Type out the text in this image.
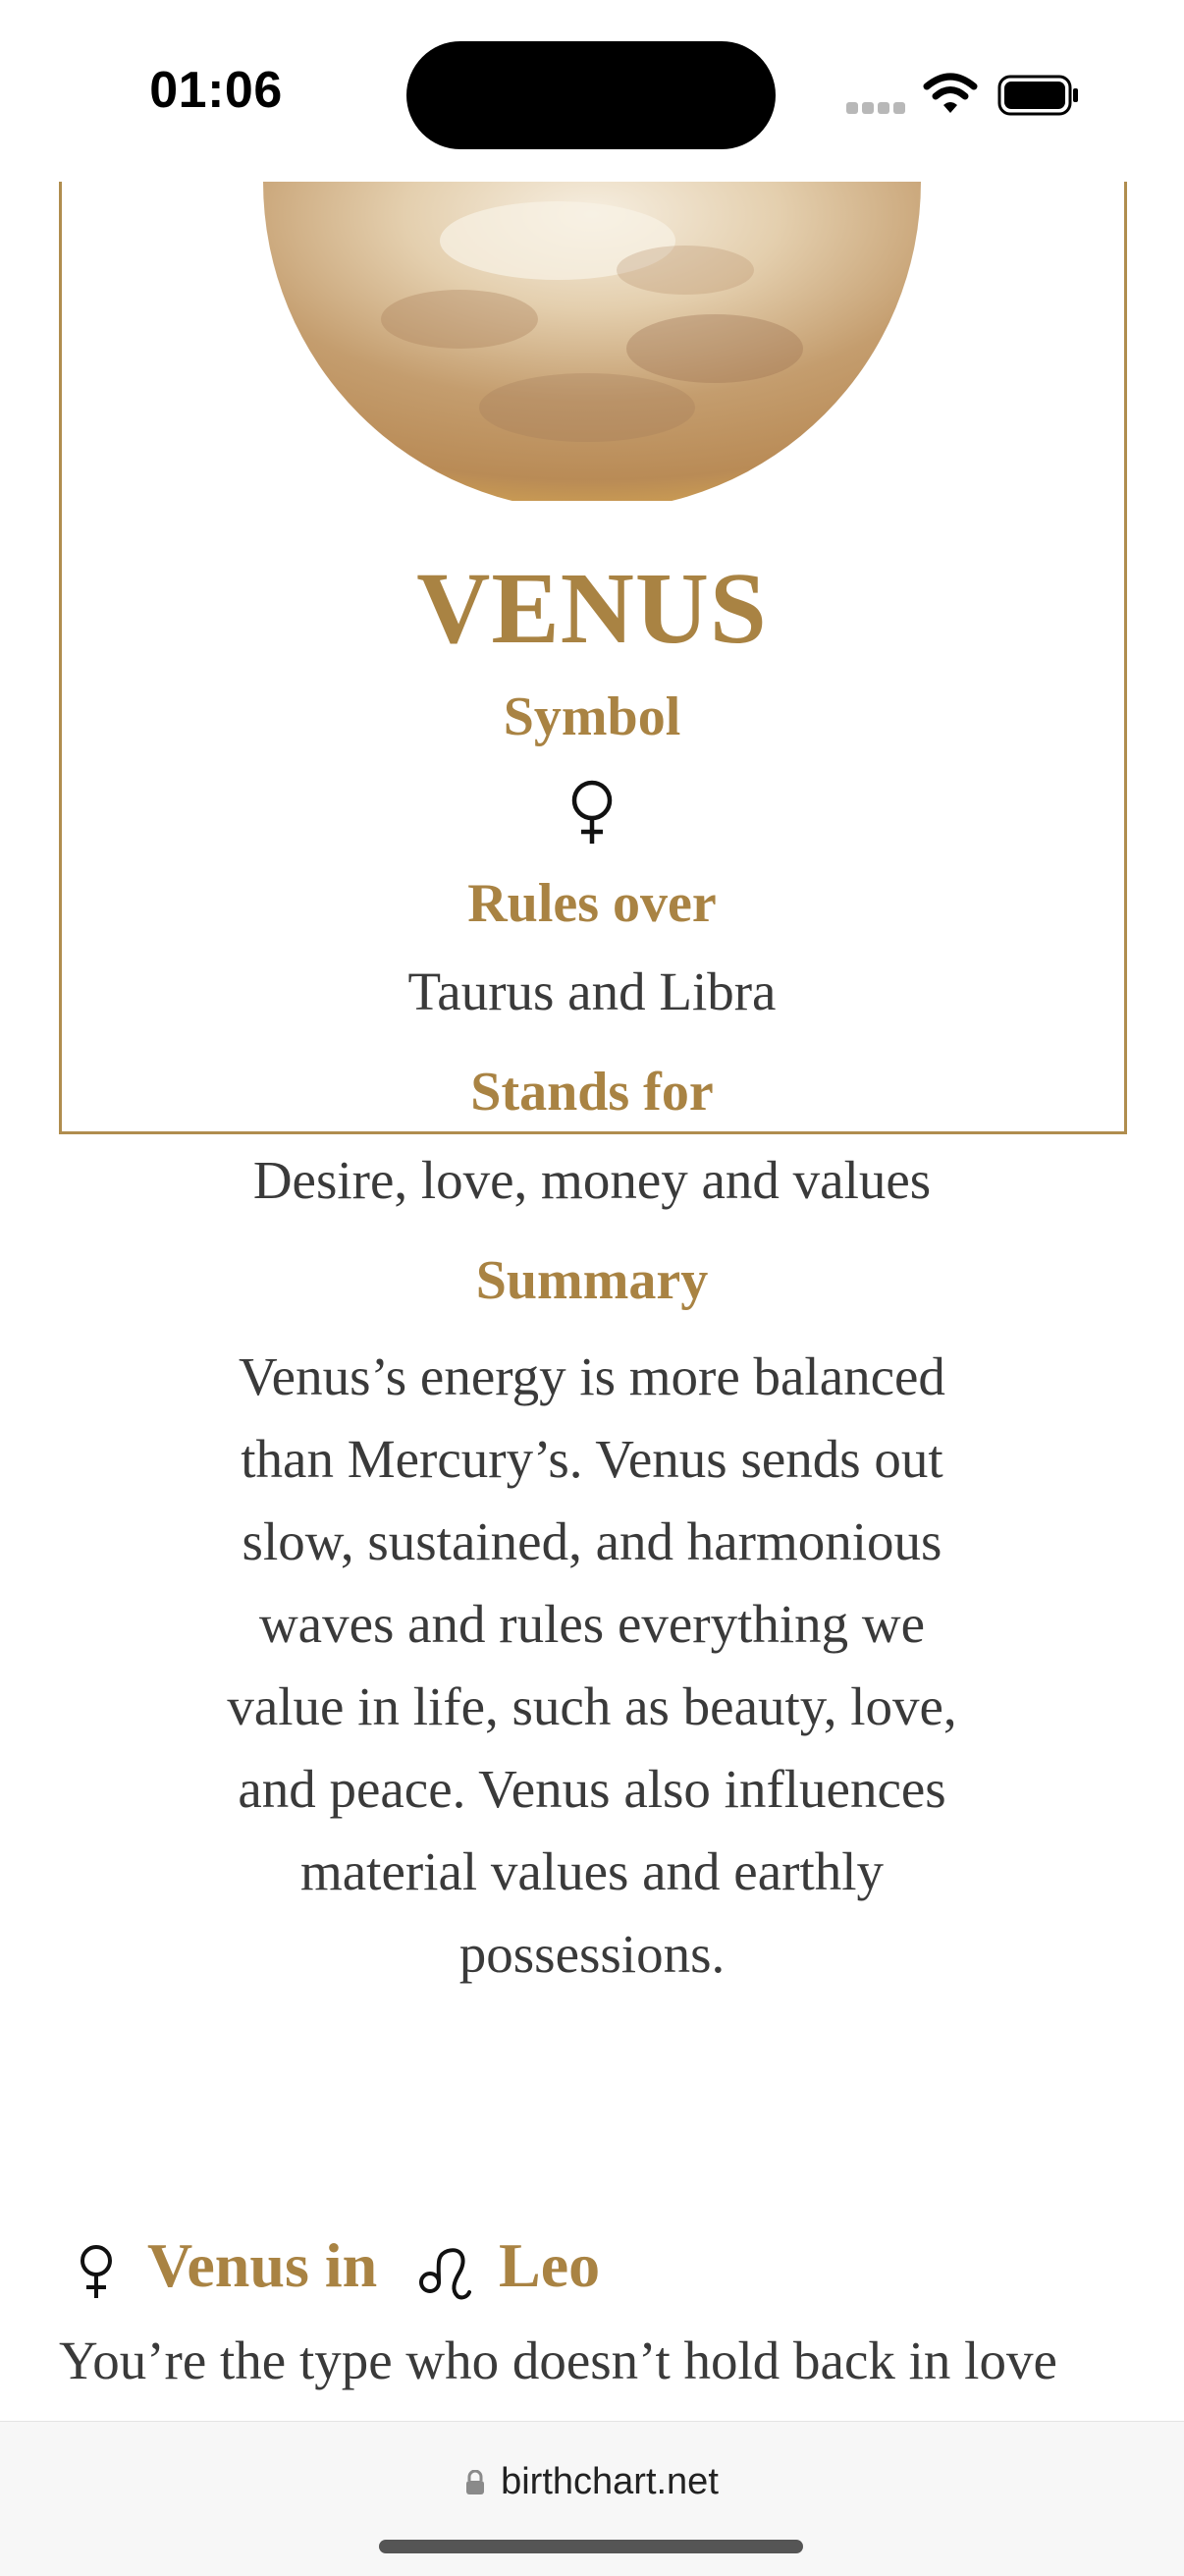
01:06
VENUS
Symbol
Rules over
Taurus and Libra
Stands for
Desire, love, money and values
Summary
Venus’s energy is more balanced than Mercury’s. Venus sends out slow, sustained, and harmonious waves and rules everything we value in life, such as beauty, love, and peace. Venus also influences material values and earthly possessions.
Venus in Leo
You’re the type who doesn’t hold back in love
birthchart.net
